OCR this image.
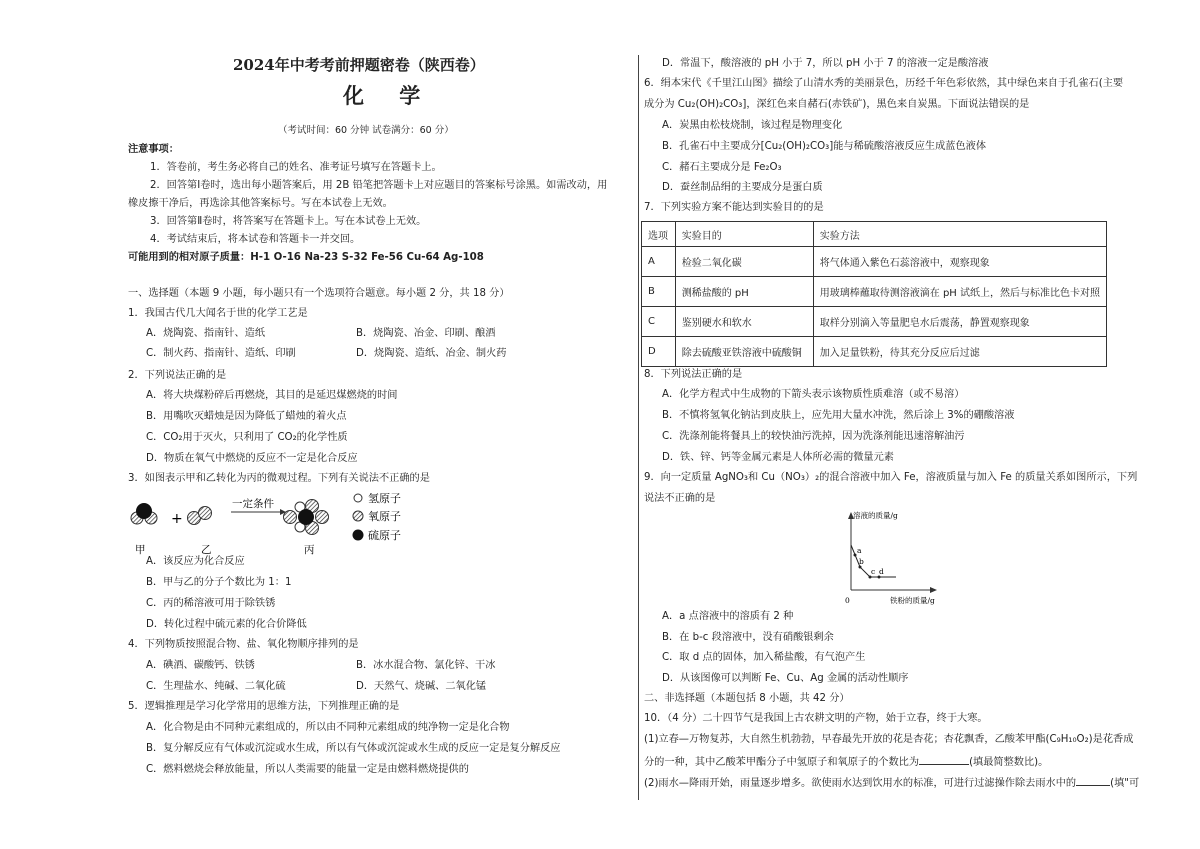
2024年中考考前押题密卷（陕西卷）
化 学
（考试时间：60 分钟 试卷满分：60 分）
注意事项：
1．答卷前，考生务必将自己的姓名、准考证号填写在答题卡上。
2．回答第Ⅰ卷时，选出每小题答案后，用 2B 铅笔把答题卡上对应题目的答案标号涂黑。如需改动，用
橡皮擦干净后，再选涂其他答案标号。写在本试卷上无效。
3．回答第Ⅱ卷时，将答案写在答题卡上。写在本试卷上无效。
4．考试结束后，将本试卷和答题卡一并交回。
可能用到的相对原子质量：H-1 O-16 Na-23 S-32 Fe-56 Cu-64 Ag-108
一、选择题（本题 9 小题，每小题只有一个选项符合题意。每小题 2 分，共 18 分）
1．我国古代几大闻名于世的化学工艺是
A．烧陶瓷、指南针、造纸	B．烧陶瓷、冶金、印刷、酿酒
C．制火药、指南针、造纸、印刷	D．烧陶瓷、造纸、冶金、制火药
2．下列说法正确的是
A．将大块煤粉碎后再燃烧，其目的是延迟煤燃烧的时间
B．用嘴吹灭蜡烛是因为降低了蜡烛的着火点
C．CO₂用于灭火，只利用了 CO₂的化学性质
D．物质在氧气中燃烧的反应不一定是化合反应
3．如图表示甲和乙转化为丙的微观过程。下列有关说法不正确的是
+
一定条件
甲	乙	丙
氢原子
氧原子
硫原子
A．该反应为化合反应
B．甲与乙的分子个数比为 1：1
C．丙的稀溶液可用于除铁锈
D．转化过程中硫元素的化合价降低
4．下列物质按照混合物、盐、氧化物顺序排列的是
A．碘酒、碳酸钙、铁锈	B．冰水混合物、氯化锌、干冰
C．生理盐水、纯碱、二氧化硫	D．天然气、烧碱、二氧化锰
5．逻辑推理是学习化学常用的思维方法，下列推理正确的是
A．化合物是由不同种元素组成的，所以由不同种元素组成的纯净物一定是化合物
B．复分解反应有气体或沉淀或水生成，所以有气体或沉淀或水生成的反应一定是复分解反应
C．燃料燃烧会释放能量，所以人类需要的能量一定是由燃料燃烧提供的
D．常温下，酸溶液的 pH 小于 7，所以 pH 小于 7 的溶液一定是酸溶液
6．绢本宋代《千里江山图》描绘了山清水秀的美丽景色，历经千年色彩依然，其中绿色来自于孔雀石(主要
成分为 Cu₂(OH)₂CO₃]，深红色来自赭石(赤铁矿)，黑色来自炭黑。下面说法错误的是
A．炭黑由松枝烧制，该过程是物理变化
B．孔雀石中主要成分[Cu₂(OH)₂CO₃]能与稀硫酸溶液反应生成蓝色液体
C．赭石主要成分是 Fe₂O₃
D．蚕丝制品绢的主要成分是蛋白质
7．下列实验方案不能达到实验目的的是
选项	实验目的	实验方法
A	检验二氧化碳	将气体通入紫色石蕊溶液中，观察现象
B	测稀盐酸的 pH	用玻璃棒蘸取待测溶液滴在 pH 试纸上，然后与标准比色卡对照
C	鉴别硬水和软水	取样分别滴入等量肥皂水后震荡，静置观察现象
D	除去硫酸亚铁溶液中硫酸铜	加入足量铁粉，待其充分反应后过滤
8．下列说法正确的是
A．化学方程式中生成物的下箭头表示该物质性质难溶（或不易溶）
B．不慎将氢氧化钠沾到皮肤上，应先用大量水冲洗，然后涂上 3%的硼酸溶液
C．洗涤剂能将餐具上的较快油污洗掉，因为洗涤剂能迅速溶解油污
D．铁、锌、钙等金属元素是人体所必需的微量元素
9．向一定质量 AgNO₃和 Cu（NO₃）₂的混合溶液中加入 Fe，溶液质量与加入 Fe 的质量关系如图所示，下列
说法不正确的是
溶液的质量/g
铁粉的质量/g
0
a
b
c d
A．a 点溶液中的溶质有 2 种
B．在 b-c 段溶液中，没有硝酸银剩余
C．取 d 点的固体，加入稀盐酸，有气泡产生
D．从该图像可以判断 Fe、Cu、Ag 金属的活动性顺序
二、非选择题（本题包括 8 小题，共 42 分）
10．（4 分）二十四节气是我国上古农耕文明的产物，始于立春，终于大寒。
(1)立春—万物复苏，大自然生机勃勃，早春最先开放的花是杏花；杏花飘香，乙酸苯甲酯(C₉H₁₀O₂)是花香成
分的一种，其中乙酸苯甲酯分子中氢原子和氧原子的个数比为	(填最简整数比)。
(2)雨水—降雨开始，雨量逐步增多。欲使雨水达到饮用水的标准，可进行过滤操作除去雨水中的	(填"可
